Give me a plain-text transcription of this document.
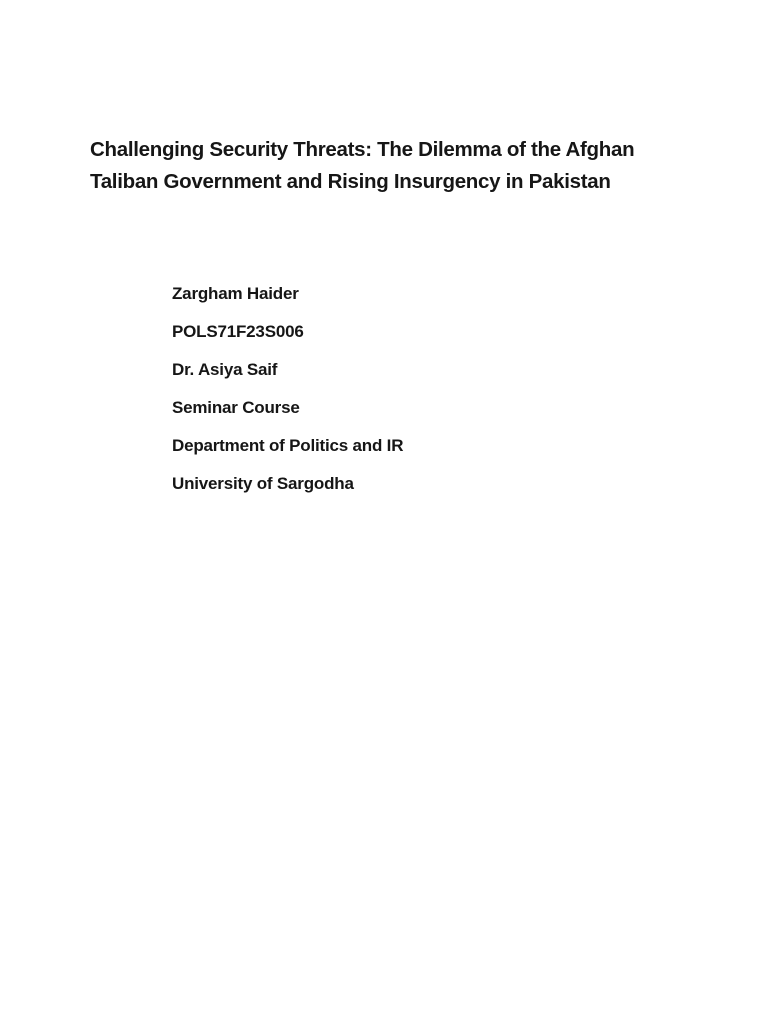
Challenging Security Threats: The Dilemma of the Afghan
Taliban Government and Rising Insurgency in Pakistan
Zargham Haider
POLS71F23S006
Dr. Asiya Saif
Seminar Course
Department of Politics and IR
University of Sargodha
